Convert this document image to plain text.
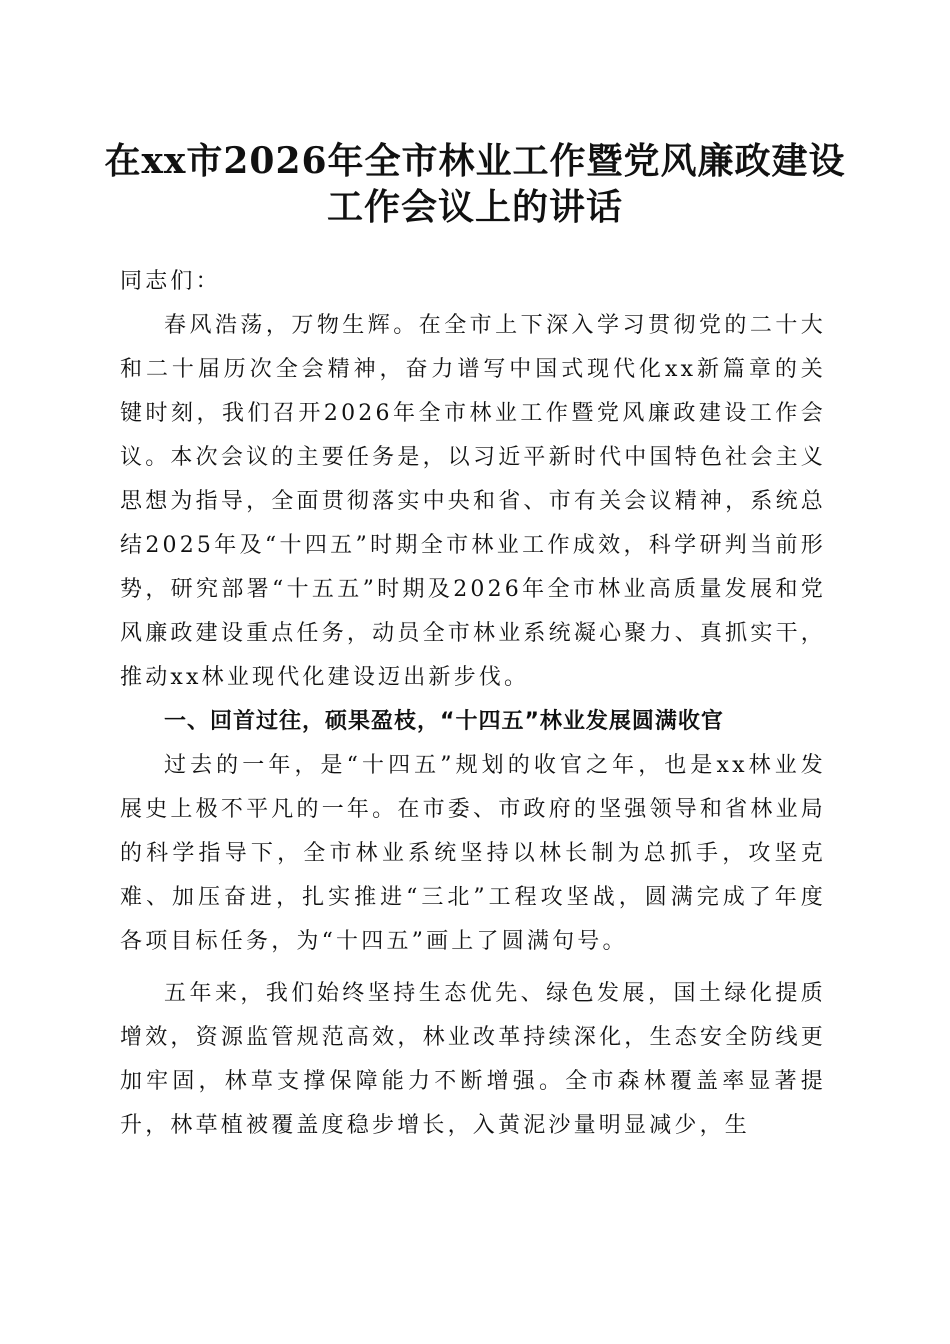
在xx市2026年全市林业工作暨党风廉政建设
工作会议上的讲话

同志们：

春风浩荡，万物生辉。在全市上下深入学习贯彻党的二十大和二十届历次全会精神，奋力谱写中国式现代化xx新篇章的关键时刻，我们召开2026年全市林业工作暨党风廉政建设工作会议。本次会议的主要任务是，以习近平新时代中国特色社会主义思想为指导，全面贯彻落实中央和省、市有关会议精神，系统总结2025年及“十四五”时期全市林业工作成效，科学研判当前形势，研究部署“十五五”时期及2026年全市林业高质量发展和党风廉政建设重点任务，动员全市林业系统凝心聚力、真抓实干，推动xx林业现代化建设迈出新步伐。

一、回首过往，硕果盈枝，“十四五”林业发展圆满收官

过去的一年，是“十四五”规划的收官之年，也是xx林业发展史上极不平凡的一年。在市委、市政府的坚强领导和省林业局的科学指导下，全市林业系统坚持以林长制为总抓手，攻坚克难、加压奋进，扎实推进“三北”工程攻坚战，圆满完成了年度各项目标任务，为“十四五”画上了圆满句号。

五年来，我们始终坚持生态优先、绿色发展，国土绿化提质增效，资源监管规范高效，林业改革持续深化，生态安全防线更加牢固，林草支撑保障能力不断增强。全市森林覆盖率显著提升，林草植被覆盖度稳步增长，入黄泥沙量明显减少，生
